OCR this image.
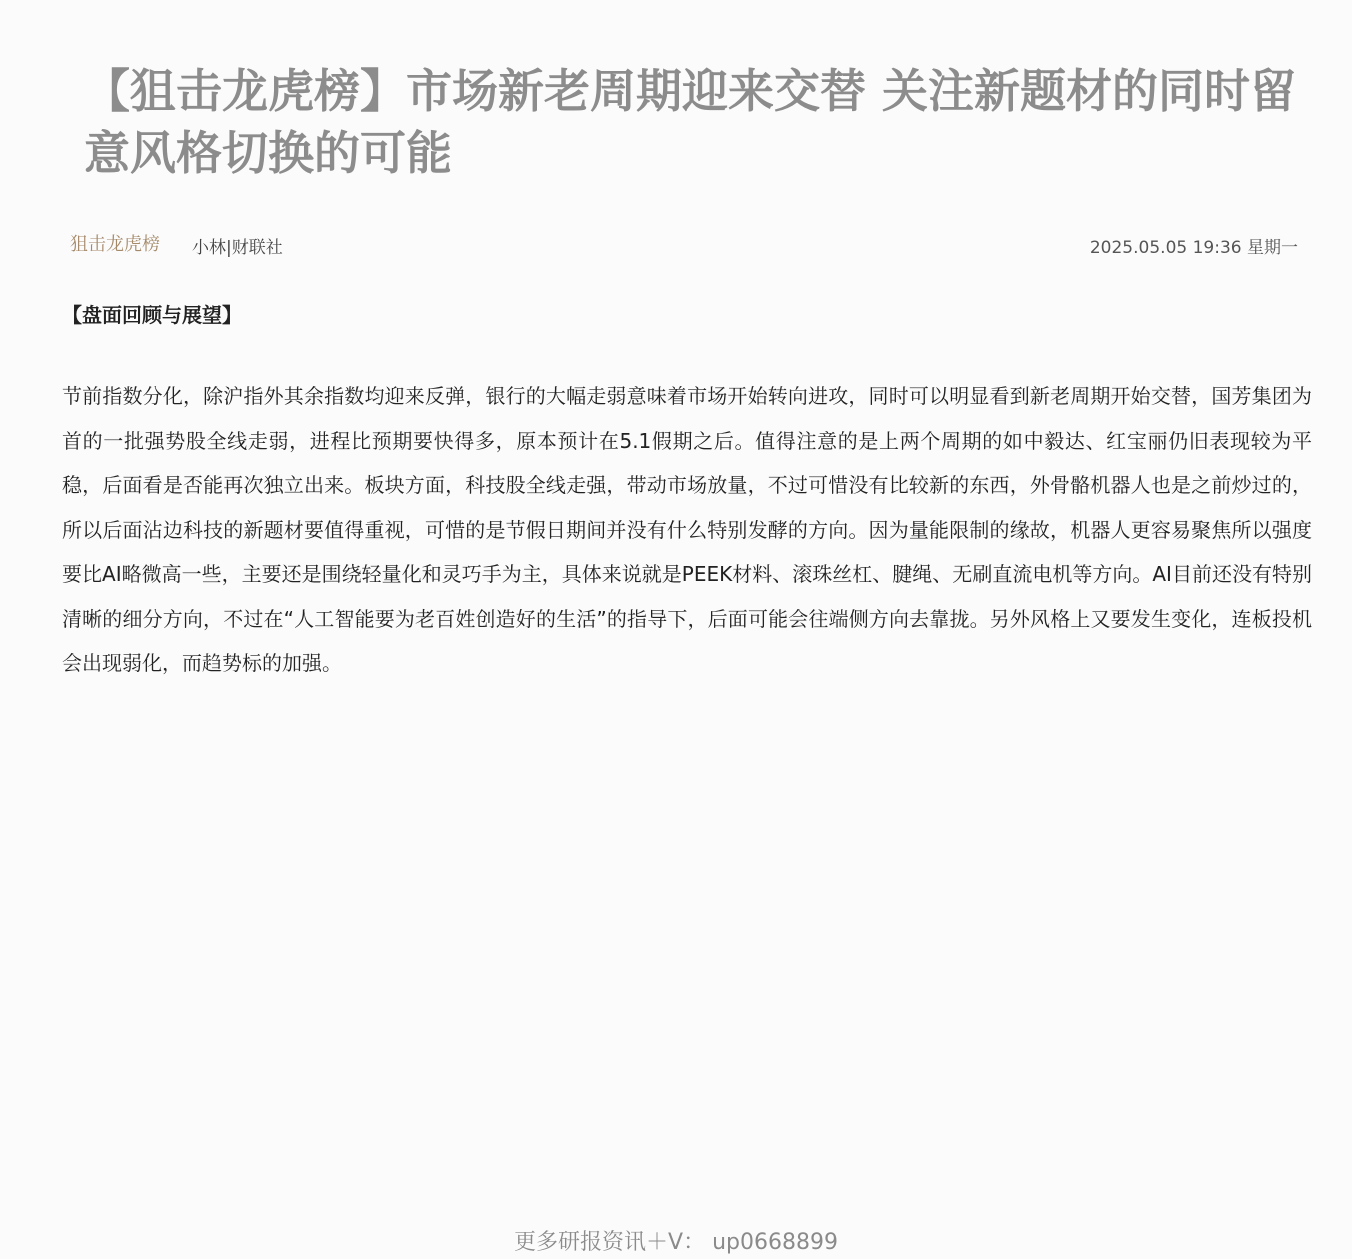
【狙击龙虎榜】市场新老周期迎来交替 关注新题材的同时留意风格切换的可能
狙击龙虎榜 小林|财联社	2025.05.05 19:36 星期一
【盘面回顾与展望】

节前指数分化，除沪指外其余指数均迎来反弹，银行的大幅走弱意味着市场开始转向进攻，同时可以明显看到新老周期开始交替，国芳集团为首的一批强势股全线走弱，进程比预期要快得多，原本预计在5.1假期之后。值得注意的是上两个周期的如中毅达、红宝丽仍旧表现较为平稳，后面看是否能再次独立出来。板块方面，科技股全线走强，带动市场放量，不过可惜没有比较新的东西，外骨骼机器人也是之前炒过的，所以后面沾边科技的新题材要值得重视，可惜的是节假日期间并没有什么特别发酵的方向。因为量能限制的缘故，机器人更容易聚焦所以强度要比AI略微高一些，主要还是围绕轻量化和灵巧手为主，具体来说就是PEEK材料、滚珠丝杠、腱绳、无刷直流电机等方向。AI目前还没有特别清晰的细分方向，不过在“人工智能要为老百姓创造好的生活”的指导下，后面可能会往端侧方向去靠拢。另外风格上又要发生变化，连板投机会出现弱化，而趋势标的加强。

更多研报资讯＋V： up0668899
